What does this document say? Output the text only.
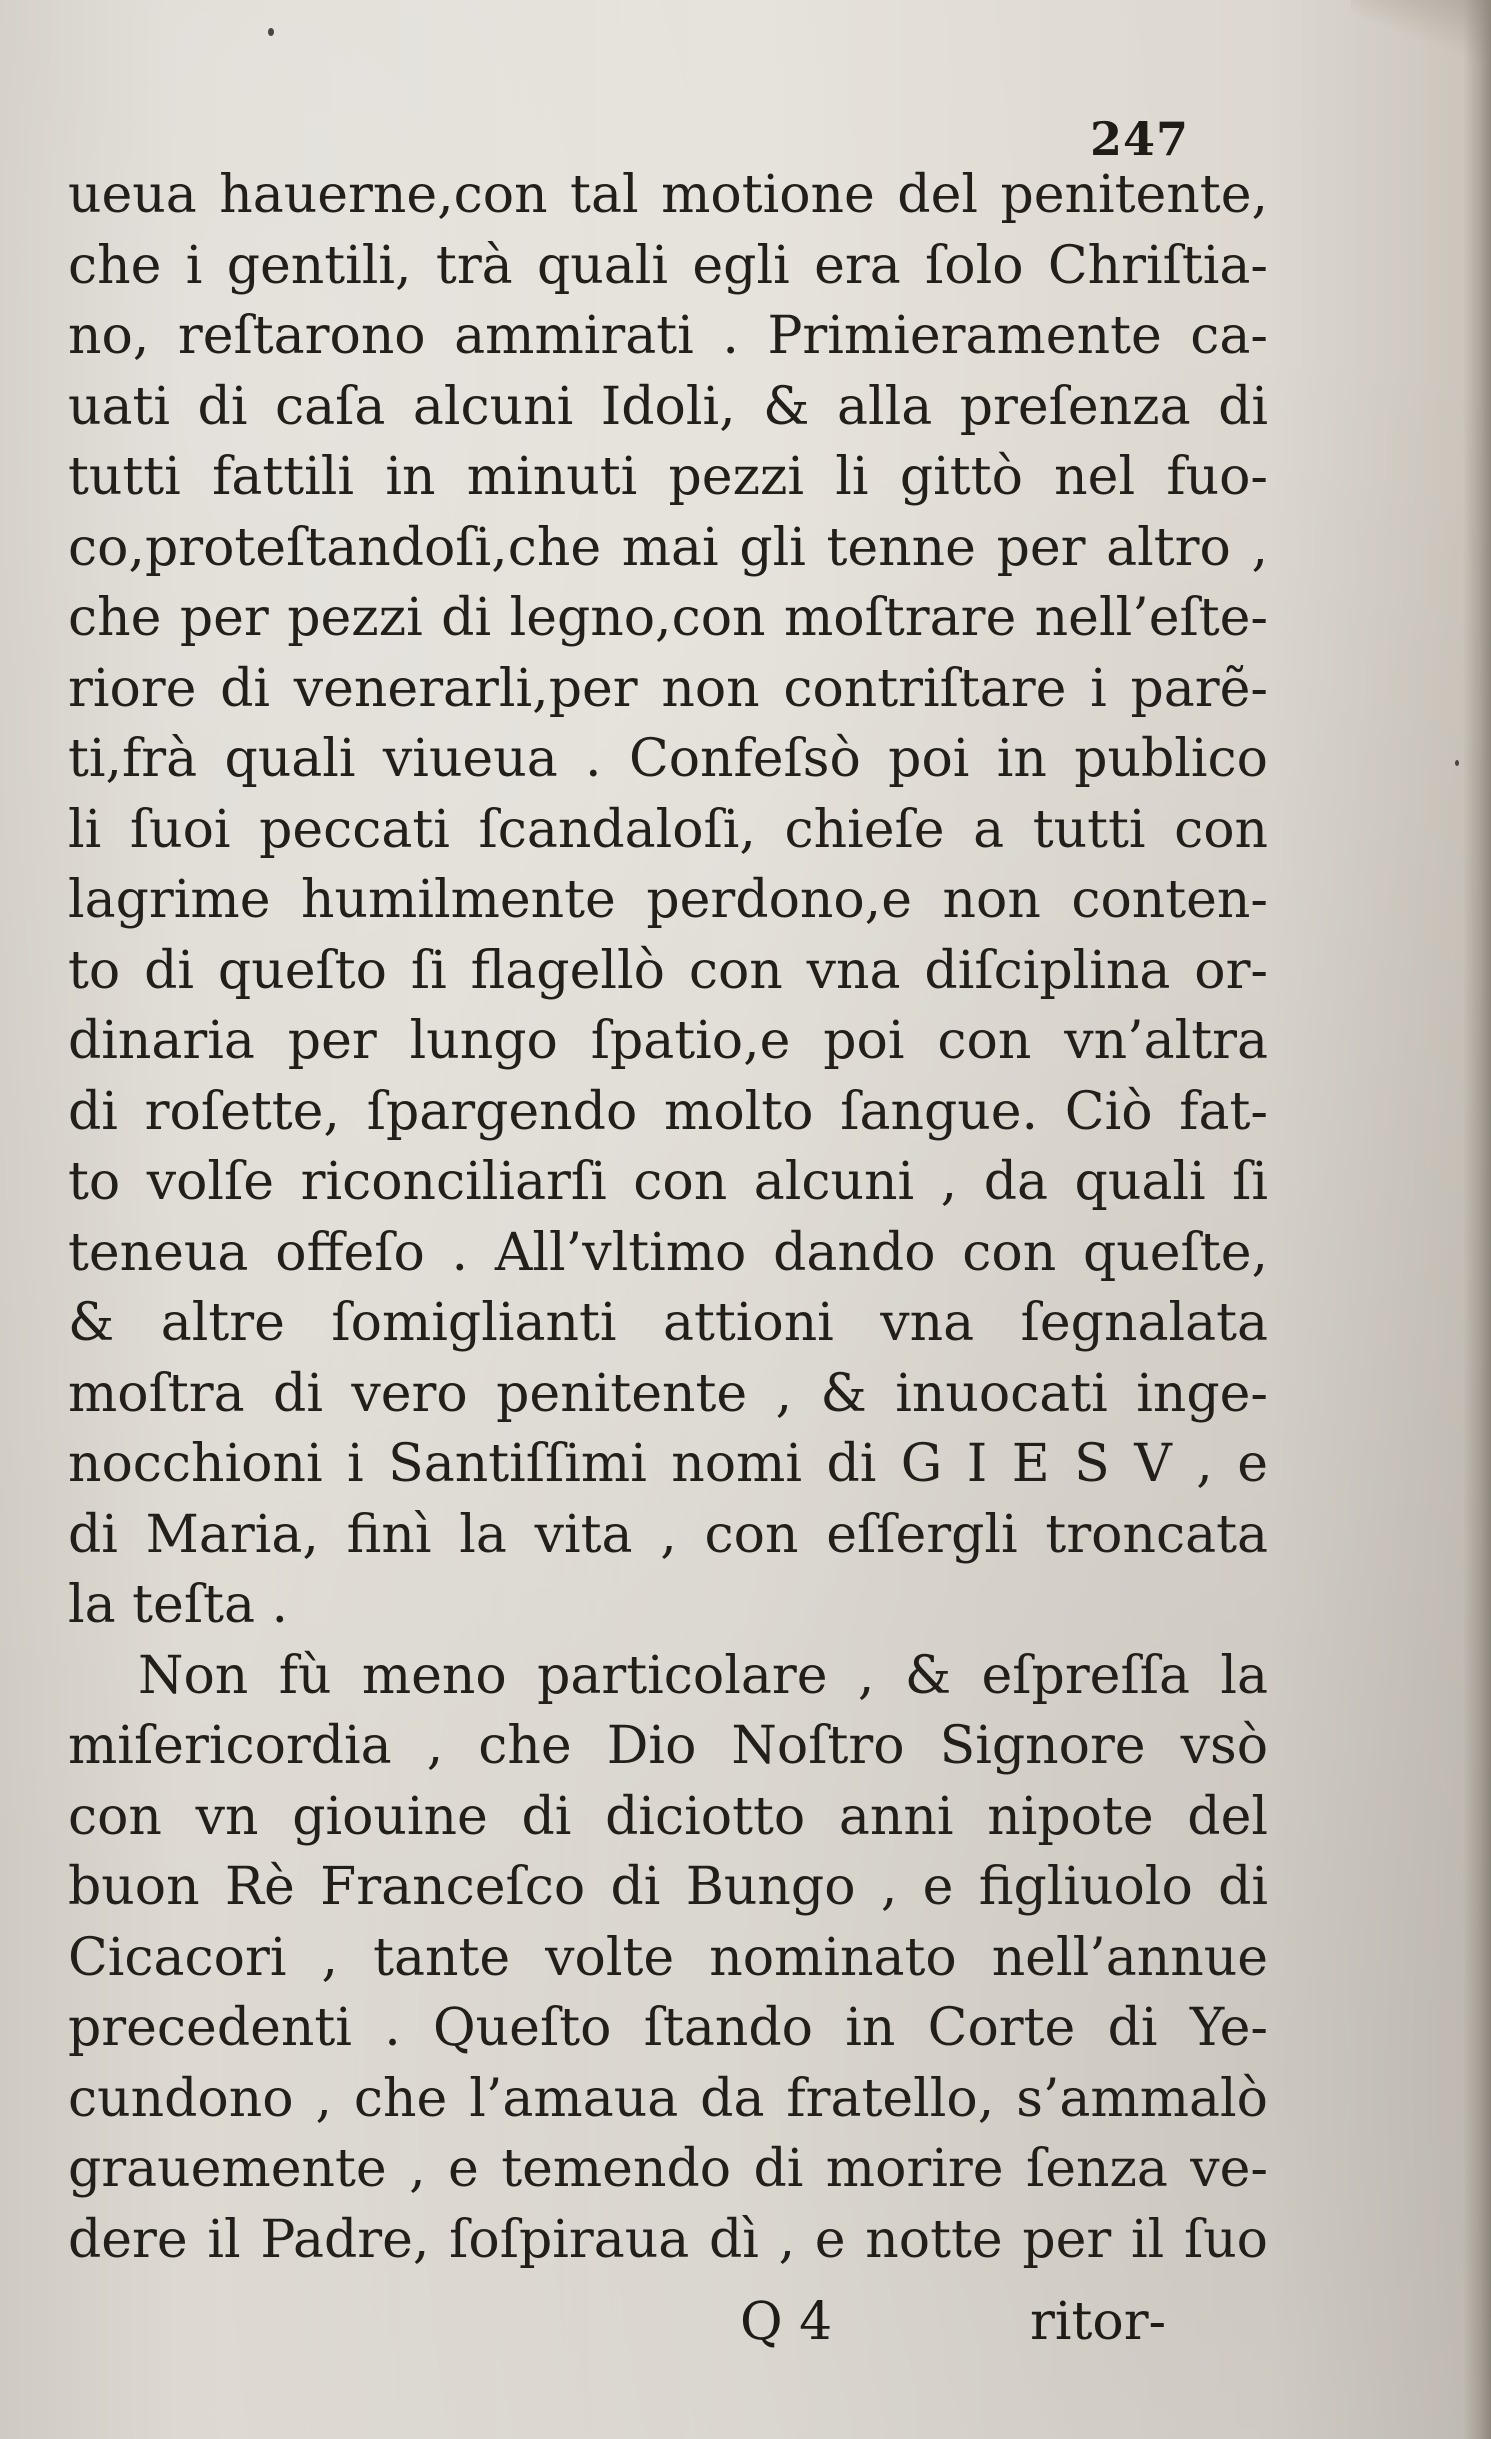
247
ueua hauerne,con tal motione del penitente,
che i gentili, trà quali egli era ſolo Chriſtia-
no, reſtarono ammirati . Primieramente ca-
uati di caſa alcuni Idoli, & alla preſenza di
tutti fattili in minuti pezzi li gittò nel fuo-
co,proteſtandoſi,che mai gli tenne per altro ,
che per pezzi di legno,con moſtrare nell’eſte-
riore di venerarli,per non contriſtare i parẽ-
ti,frà quali viueua . Confeſsò poi in publico
li ſuoi peccati ſcandaloſi, chieſe a tutti con
lagrime humilmente perdono,e non conten-
to di queſto ſi flagellò con vna diſciplina or-
dinaria per lungo ſpatio,e poi con vn’altra
di roſette, ſpargendo molto ſangue. Ciò fat-
to volſe riconciliarſi con alcuni , da quali ſi
teneua offeſo . All’vltimo dando con queſte,
& altre ſomiglianti attioni vna ſegnalata
moſtra di vero penitente , & inuocati inge-
nocchioni i Santiſſimi nomi di G I E S V , e
di Maria, finì la vita , con eſſergli troncata
la teſta .
Non fù meno particolare , & eſpreſſa la
miſericordia , che Dio Noſtro Signore vsò
con vn giouine di diciotto anni nipote del
buon Rè Franceſco di Bungo , e figliuolo di
Cicacori , tante volte nominato nell’annue
precedenti . Queſto ſtando in Corte di Ye-
cundono , che l’amaua da fratello, s’ammalò
grauemente , e temendo di morire ſenza ve-
dere il Padre, ſoſpiraua dì , e notte per il ſuo
Q 4	ritor-
